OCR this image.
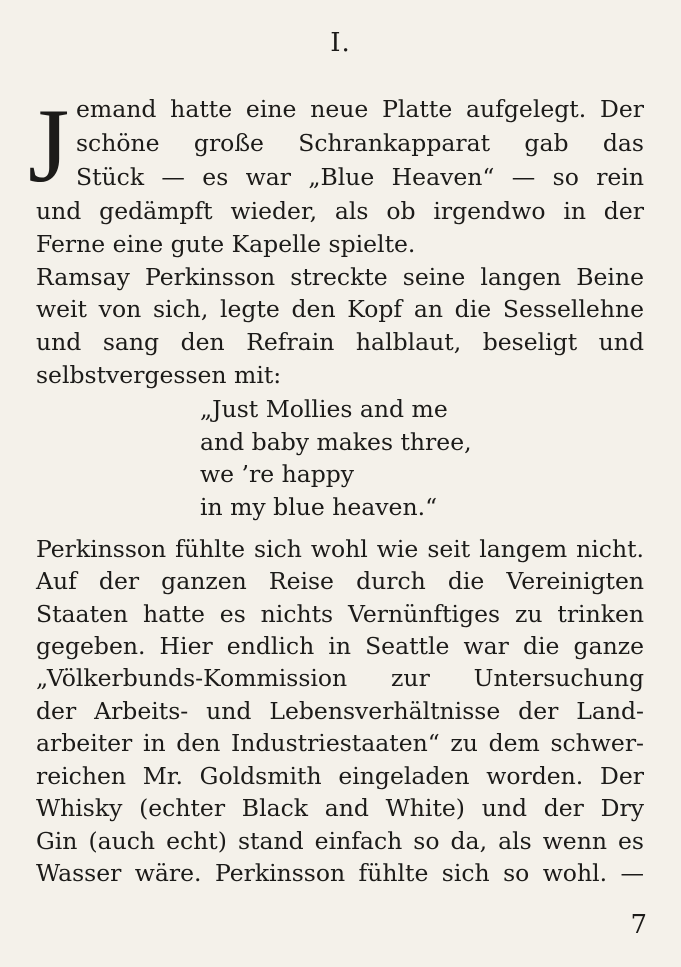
I.
J emand hatte eine neue Platte aufgelegt. Der
schöne große Schrankapparat gab das
Stück — es war „Blue Heaven“ — so rein
und gedämpft wieder, als ob irgendwo in der
Ferne eine gute Kapelle spielte.
Ramsay Perkinsson streckte seine langen Beine
weit von sich, legte den Kopf an die Sessellehne
und sang den Refrain halblaut, beseligt und
selbstvergessen mit:
„Just Mollies and me
and baby makes three,
we ’re happy
in my blue heaven.“
Perkinsson fühlte sich wohl wie seit langem nicht.
Auf der ganzen Reise durch die Vereinigten
Staaten hatte es nichts Vernünftiges zu trinken
gegeben. Hier endlich in Seattle war die ganze
„Völkerbunds-Kommission zur Untersuchung
der Arbeits- und Lebensverhältnisse der Land-
arbeiter in den Industriestaaten“ zu dem schwer-
reichen Mr. Goldsmith eingeladen worden. Der
Whisky (echter Black and White) und der Dry
Gin (auch echt) stand einfach so da, als wenn es
Wasser wäre. Perkinsson fühlte sich so wohl. —
7
